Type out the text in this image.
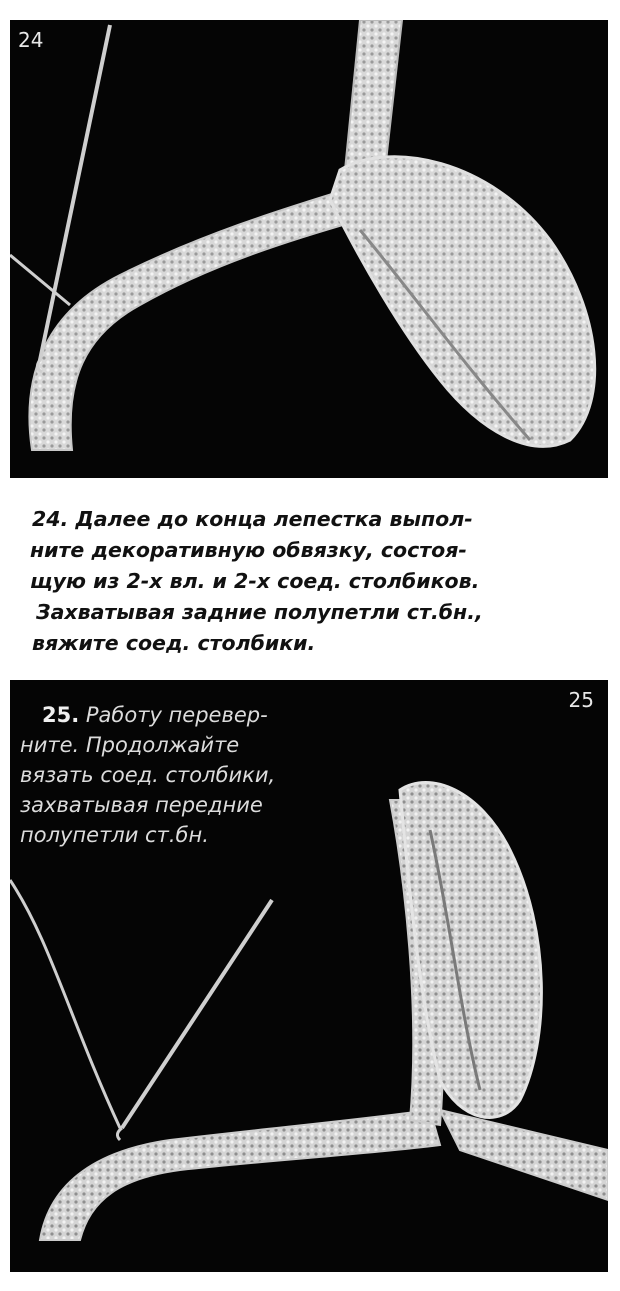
24
24. Далее до конца лепестка выпол-
ните декоративную обвязку, состоя-
щую из 2-х вл. и 2-х соед. столбиков.
Захватывая задние полупетли ст.бн.,
вяжите соед. столбики.
25. Работу перевер-
ните. Продолжайте
вязать соед. столбики,
захватывая передние
полупетли ст.бн.
25
